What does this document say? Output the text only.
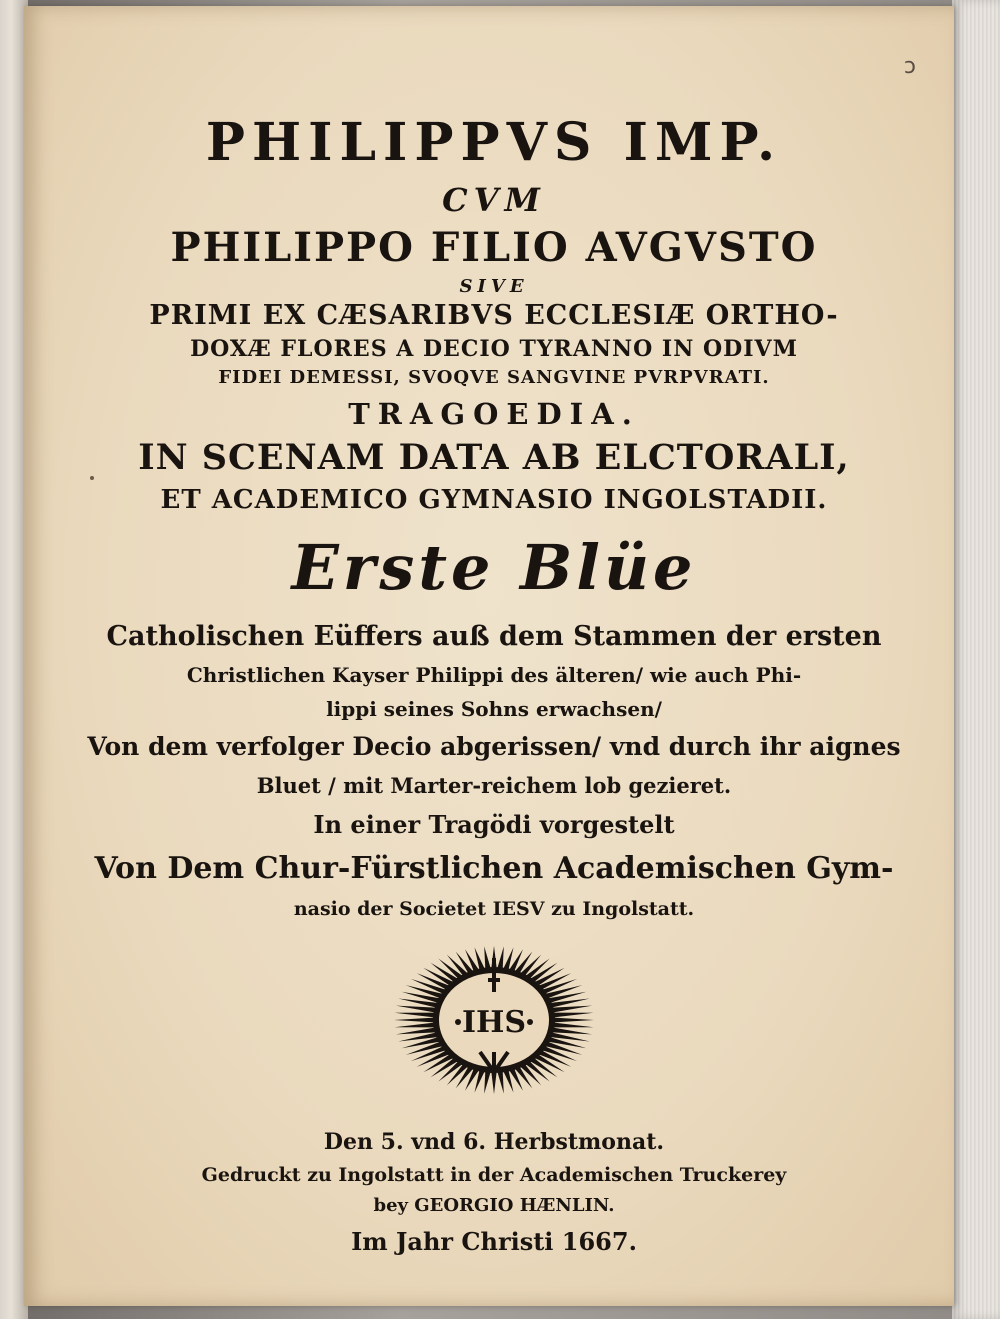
ɔ
PHILIPPVS IMP.
CVM
PHILIPPO FILIO AVGVSTO
SIVE
PRIMI EX CÆSARIBVS ECCLESIÆ ORTHO-
DOXÆ FLORES A DECIO TYRANNO IN ODIVM
FIDEI DEMESSI, SVOQVE SANGVINE PVRPVRATI.
TRAGOEDIA.
IN SCENAM DATA AB ELCTORALI,
ET ACADEMICO GYMNASIO INGOLSTADII.
Erste Blüe
Catholischen Eüffers auß dem Stammen der ersten
Christlichen Kayser Philippi des älteren/ wie auch Phi-
lippi seines Sohns erwachsen/
Von dem verfolger Decio abgerissen/ vnd durch ihr aignes
Bluet / mit Marter-reichem lob gezieret.
In einer Tragödi vorgestelt
Von Dem Chur-Fürstlichen Academischen Gym-
nasio der Societet IESV zu Ingolstatt.
IHS
Den 5. vnd 6. Herbstmonat.
Gedruckt zu Ingolstatt in der Academischen Truckerey
bey GEORGIO HÆNLIN.
Im Jahr Christi 1667.
